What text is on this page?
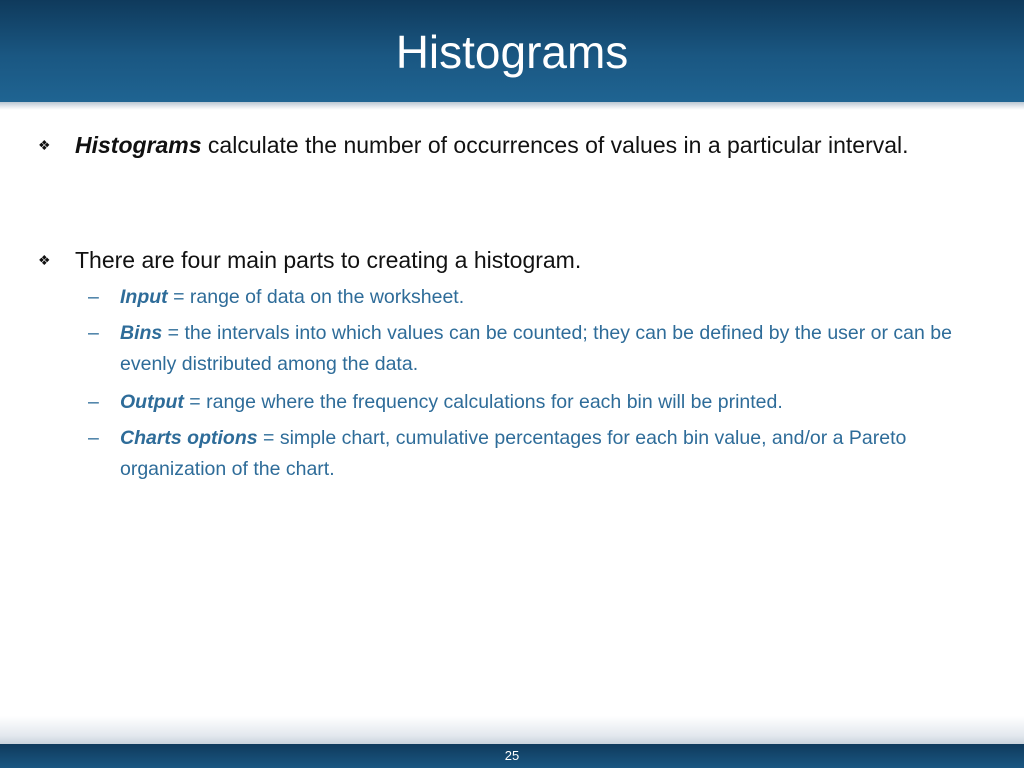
Histograms
❖ Histograms calculate the number of occurrences of values in a particular interval.
❖ There are four main parts to creating a histogram.
–	Input = range of data on the worksheet.
–	Bins = the intervals into which values can be counted; they can be defined by the user or can be evenly distributed among the data.
–	Output = range where the frequency calculations for each bin will be printed.
–	Charts options = simple chart, cumulative percentages for each bin value, and/or a Pareto organization of the chart.
25
